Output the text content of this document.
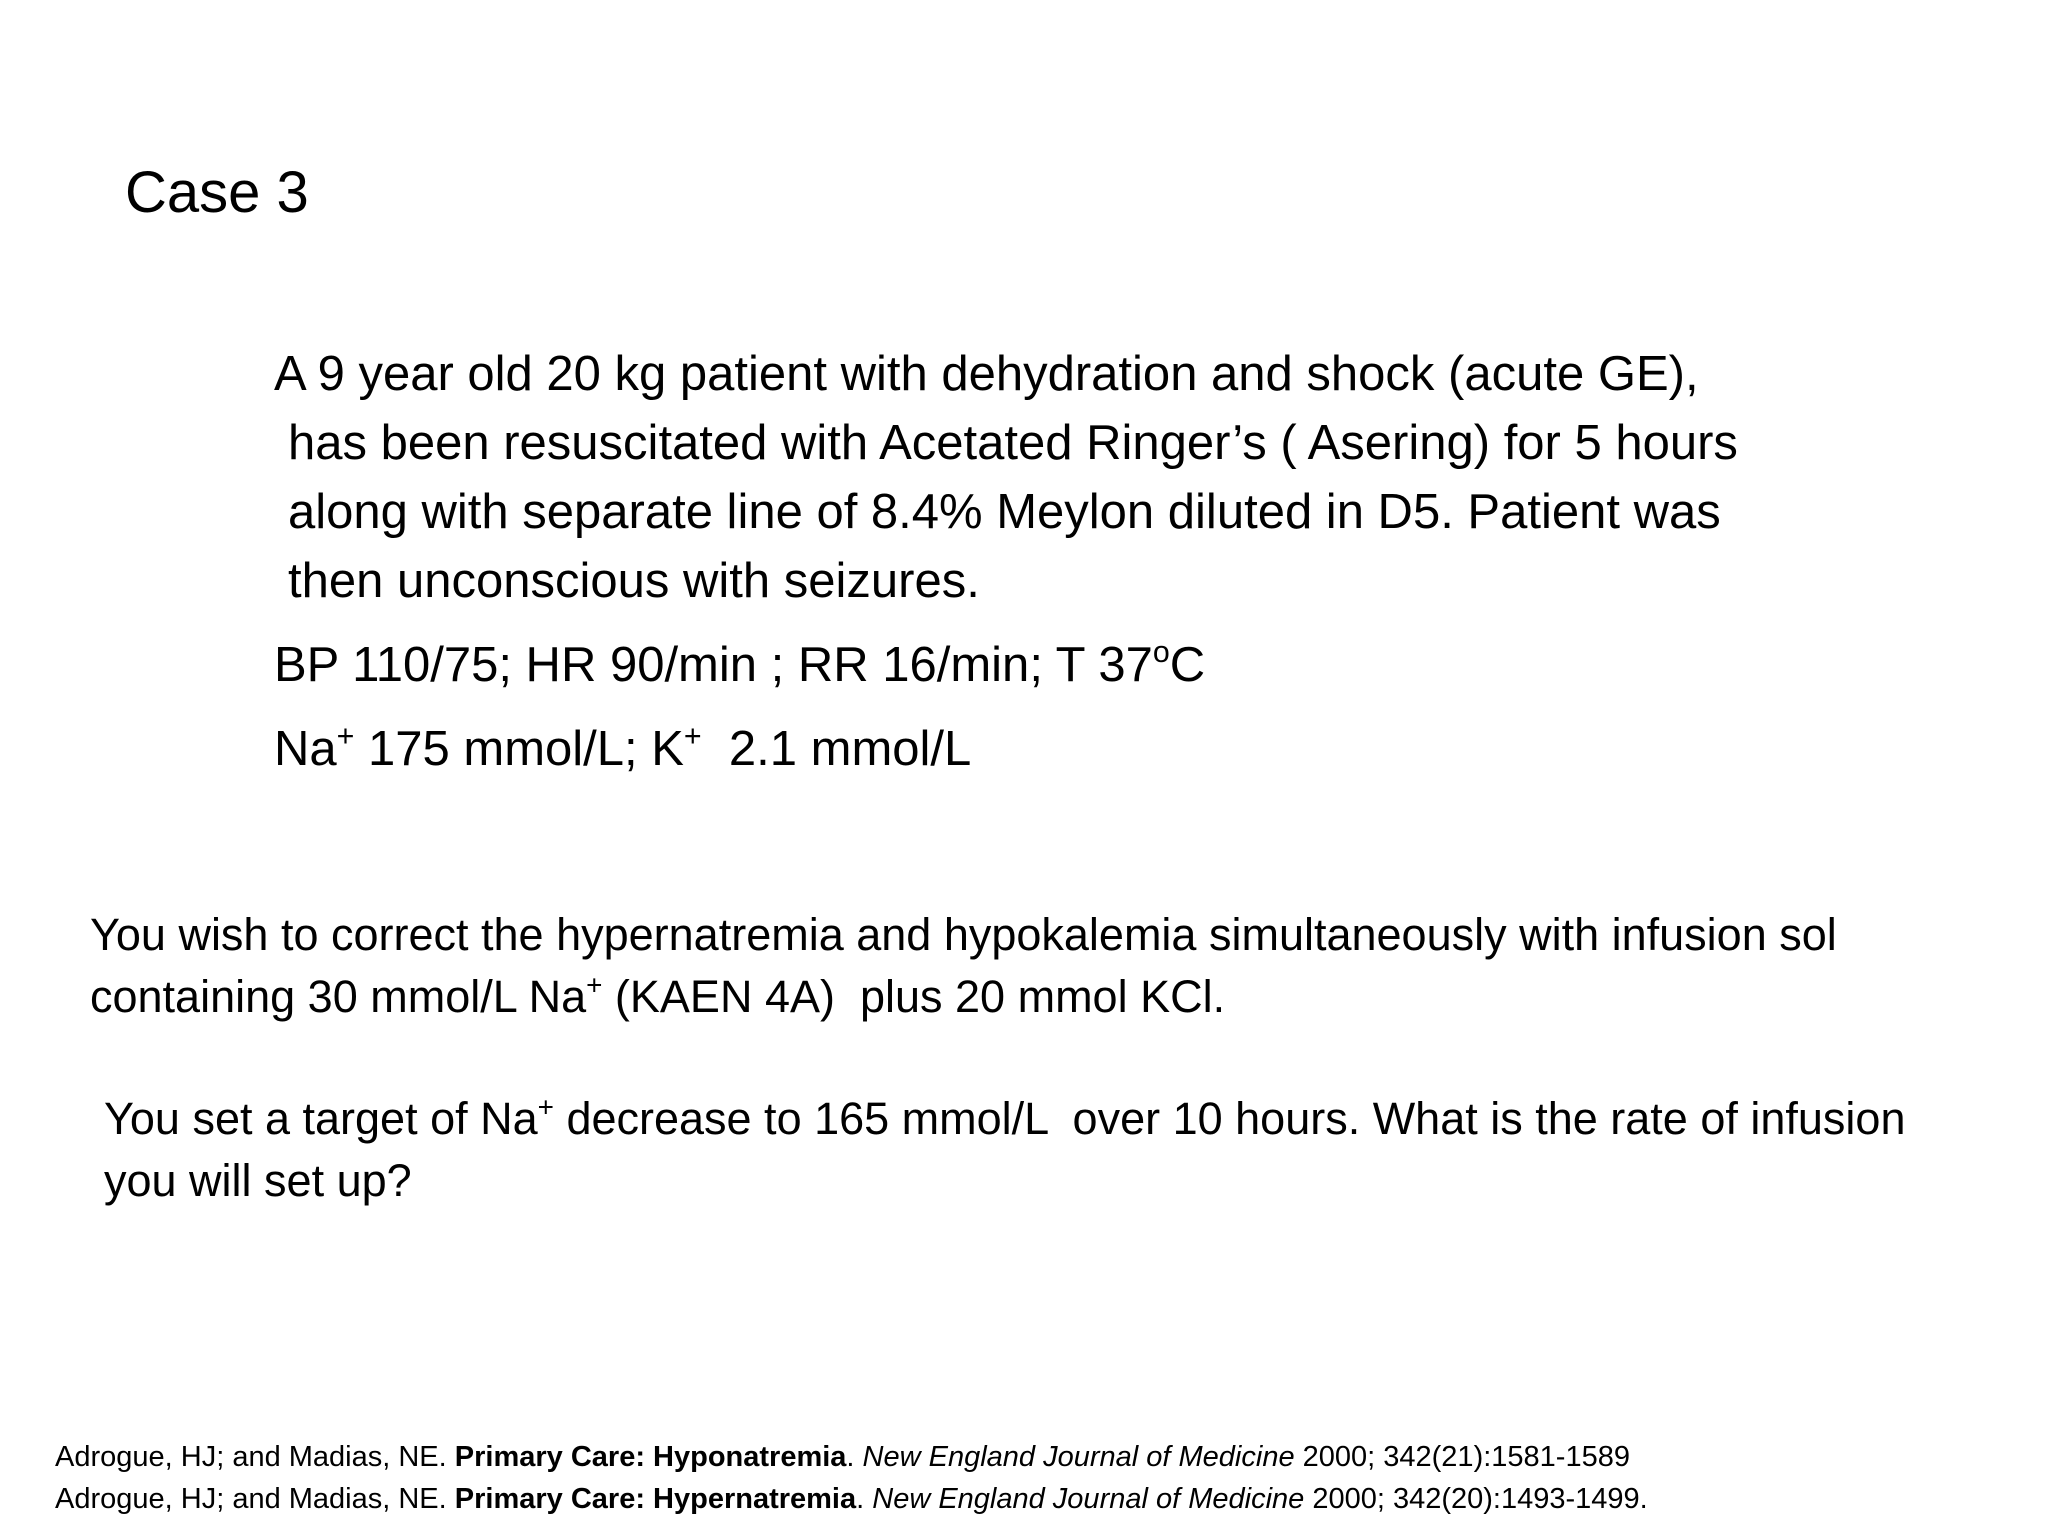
Case 3
A 9 year old 20 kg patient with dehydration and shock (acute GE),
has been resuscitated with Acetated Ringer’s ( Asering) for 5 hours
along with separate line of 8.4% Meylon diluted in D5. Patient was
then unconscious with seizures.
BP 110/75; HR 90/min ; RR 16/min; T 37$^o$C
Na+ 175 mmol/L; K+  2.1 mmol/L
You wish to correct the hypernatremia and hypokalemia simultaneously with infusion sol
containing 30 mmol/L Na+ (KAEN 4A)  plus 20 mmol KCl.
You set a target of Na+ decrease to 165 mmol/L  over 10 hours. What is the rate of infusion
you will set up?
Adrogue, HJ; and Madias, NE. Primary Care: Hyponatremia. New England Journal of Medicine 2000; 342(21):1581-1589
Adrogue, HJ; and Madias, NE. Primary Care: Hypernatremia. New England Journal of Medicine 2000; 342(20):1493-1499.
